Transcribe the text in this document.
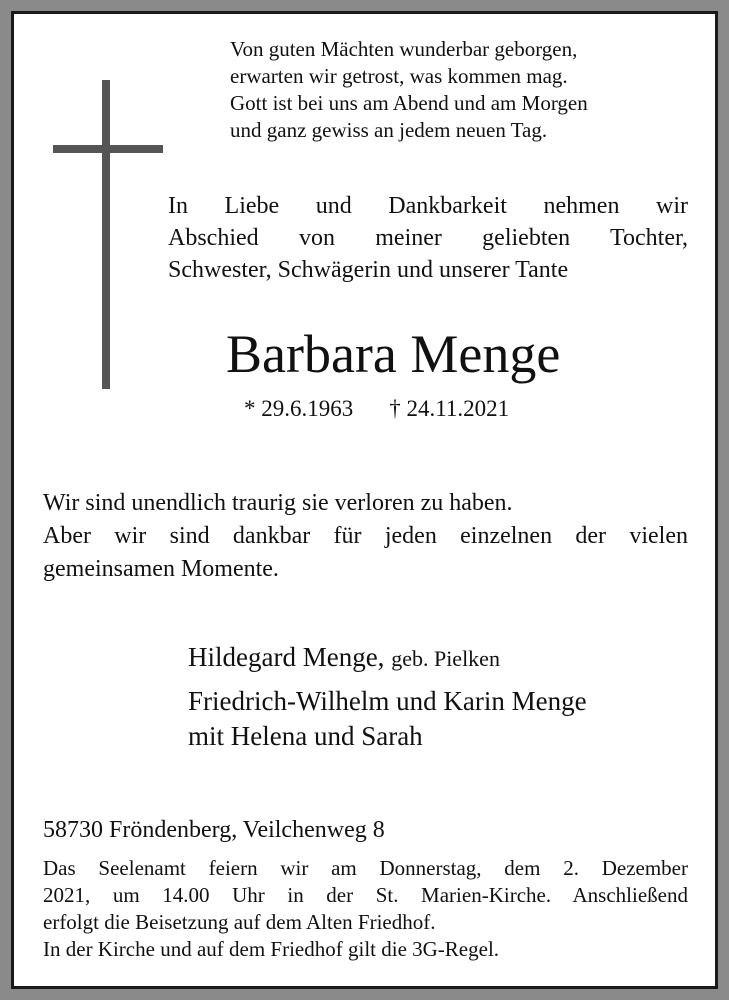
Von guten Mächten wunderbar geborgen,
erwarten wir getrost, was kommen mag.
Gott ist bei uns am Abend und am Morgen
und ganz gewiss an jedem neuen Tag.
In Liebe und Dankbarkeit nehmen wir
Abschied von meiner geliebten Tochter,
Schwester, Schwägerin und unserer Tante
Barbara Menge
* 29.6.1963 † 24.11.2021
Wir sind unendlich traurig sie verloren zu haben.
Aber wir sind dankbar für jeden einzelnen der vielen
gemeinsamen Momente.
Hildegard Menge, geb. Pielken
Friedrich-Wilhelm und Karin Menge
mit Helena und Sarah
58730 Fröndenberg, Veilchenweg 8
Das Seelenamt feiern wir am Donnerstag, dem 2. Dezember
2021, um 14.00 Uhr in der St. Marien-Kirche. Anschließend
erfolgt die Beisetzung auf dem Alten Friedhof.
In der Kirche und auf dem Friedhof gilt die 3G-Regel.
